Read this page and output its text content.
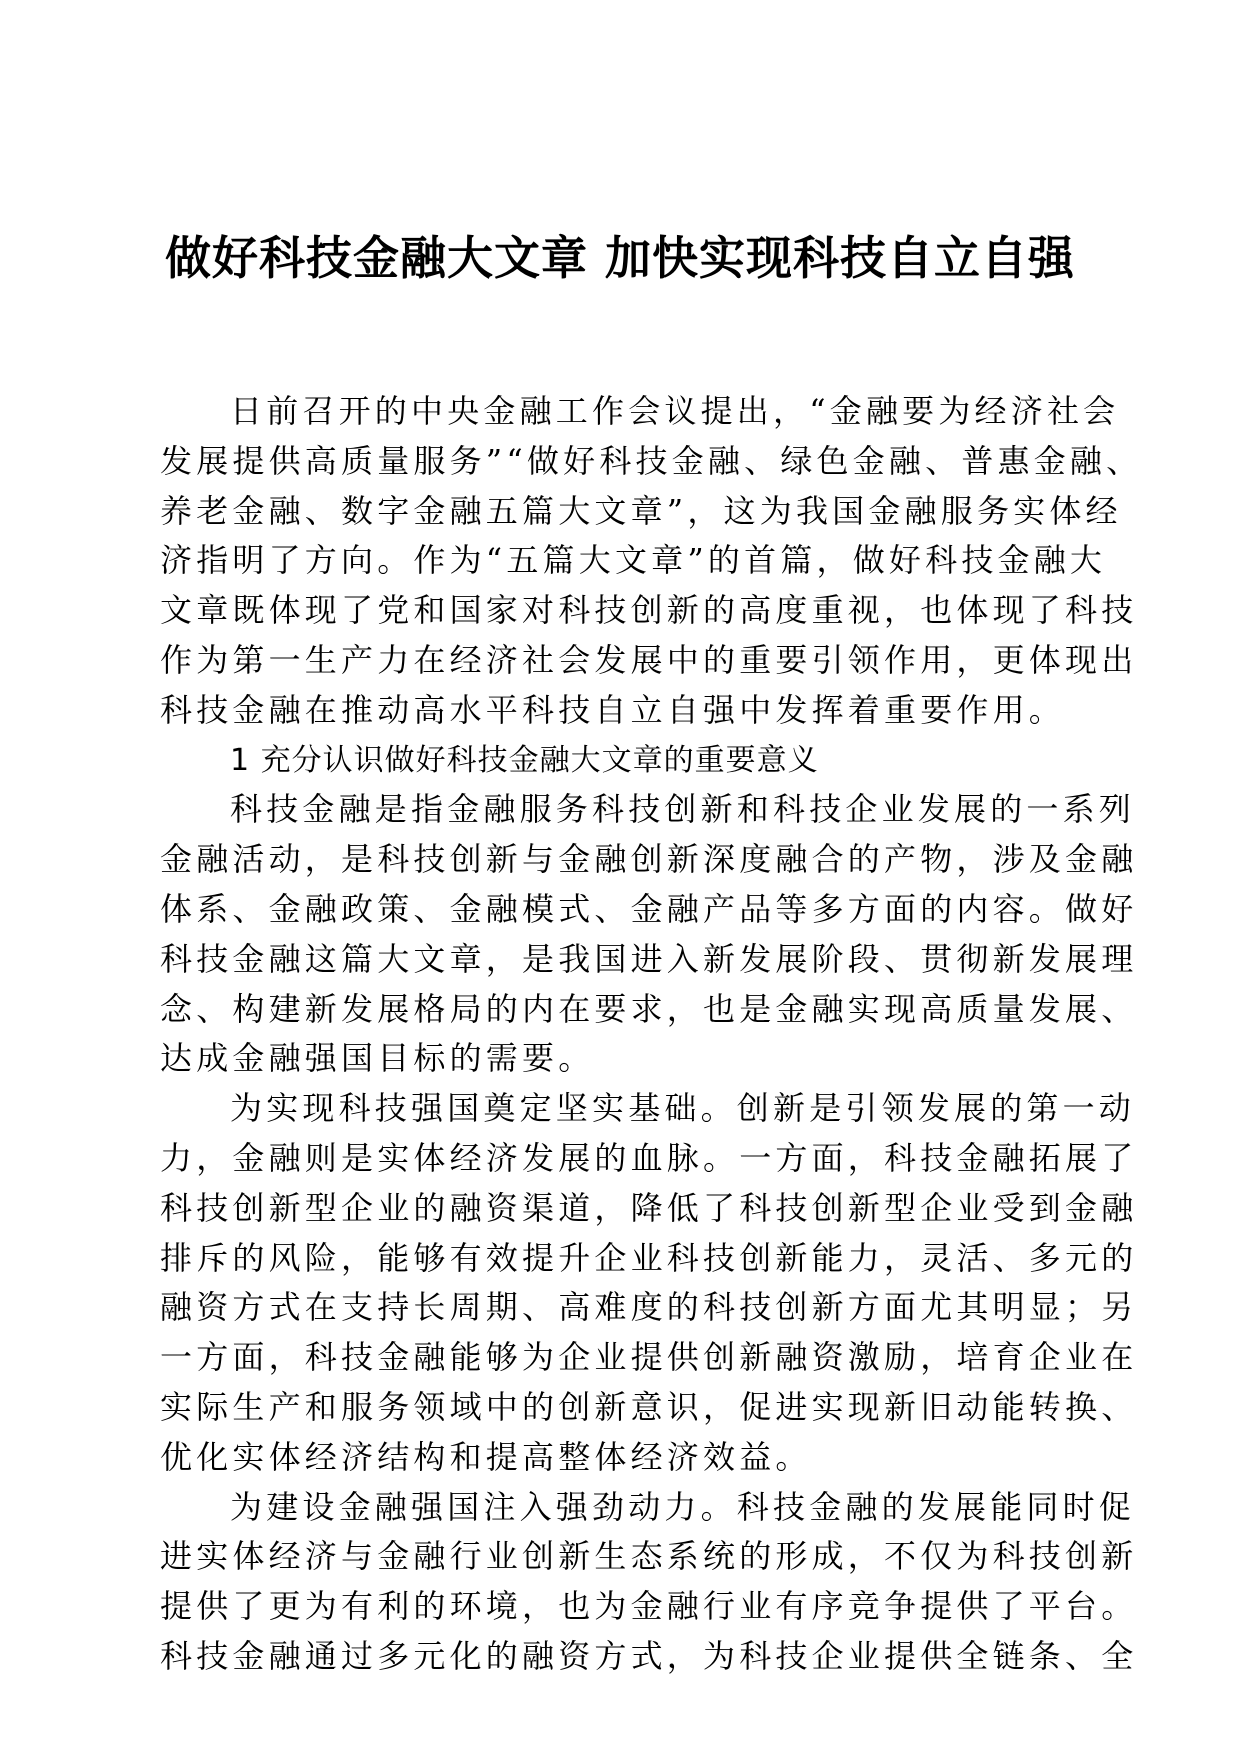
做好科技金融大文章 加快实现科技自立自强

日前召开的中央金融工作会议提出，“金融要为经济社会

发展提供高质量服务”“做好科技金融、绿色金融、普惠金融、

养老金融、数字金融五篇大文章”，这为我国金融服务实体经

济指明了方向。作为“五篇大文章”的首篇，做好科技金融大

文章既体现了党和国家对科技创新的高度重视，也体现了科技

作为第一生产力在经济社会发展中的重要引领作用，更体现出

科技金融在推动高水平科技自立自强中发挥着重要作用。

1 充分认识做好科技金融大文章的重要意义

科技金融是指金融服务科技创新和科技企业发展的一系列

金融活动，是科技创新与金融创新深度融合的产物，涉及金融

体系、金融政策、金融模式、金融产品等多方面的内容。做好

科技金融这篇大文章，是我国进入新发展阶段、贯彻新发展理

念、构建新发展格局的内在要求，也是金融实现高质量发展、

达成金融强国目标的需要。

为实现科技强国奠定坚实基础。创新是引领发展的第一动

力，金融则是实体经济发展的血脉。一方面，科技金融拓展了

科技创新型企业的融资渠道，降低了科技创新型企业受到金融

排斥的风险，能够有效提升企业科技创新能力，灵活、多元的

融资方式在支持长周期、高难度的科技创新方面尤其明显；另

一方面，科技金融能够为企业提供创新融资激励，培育企业在

实际生产和服务领域中的创新意识，促进实现新旧动能转换、

优化实体经济结构和提高整体经济效益。

为建设金融强国注入强劲动力。科技金融的发展能同时促

进实体经济与金融行业创新生态系统的形成，不仅为科技创新

提供了更为有利的环境，也为金融行业有序竞争提供了平台。

科技金融通过多元化的融资方式，为科技企业提供全链条、全
